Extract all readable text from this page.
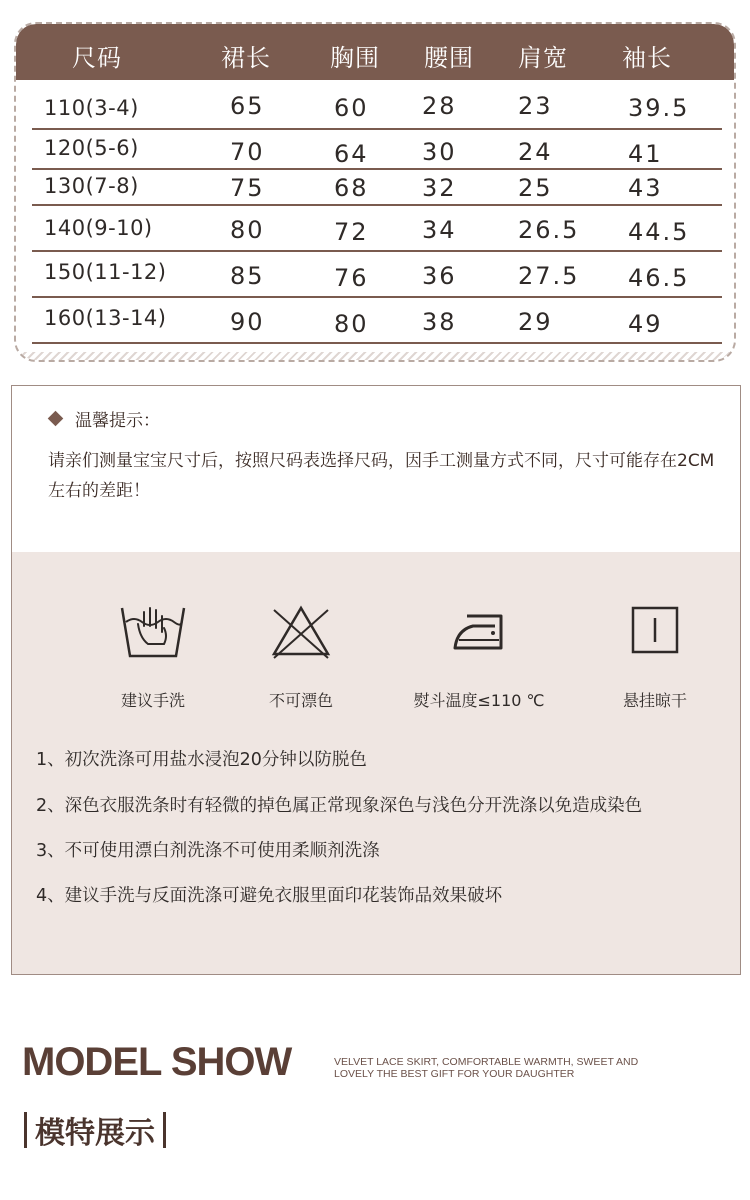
尺码	裙长 胸围 腰围 肩宽 袖长
110(3-4)	65	60 28	23	39.5
120(5-6)	70	64 30	24	41
130(7-8)	75	68 32	25	43
140(9-10)	80	72 34	26.5 44.5
150(11-12)	85	76 36	27.5 46.5
160(13-14)	90	80 38	29	49
温馨提示：
请亲们测量宝宝尺寸后，按照尺码表选择尺码，因手工测量方式不同，尺寸可能存在2CM左右的差距！
建议手洗	不可漂色	熨斗温度≤110 ℃	悬挂晾干
1、初次洗涤可用盐水浸泡20分钟以防脱色
2、深色衣服洗条时有轻微的掉色属正常现象深色与浅色分开洗涤以免造成染色
3、不可使用漂白剂洗涤不可使用柔顺剂洗涤
4、建议手洗与反面洗涤可避免衣服里面印花装饰品效果破坏
MODEL SHOW	VELVET LACE SKIRT, COMFORTABLE WARMTH, SWEET AND
LOVELY THE BEST GIFT FOR YOUR DAUGHTER
模特展示
